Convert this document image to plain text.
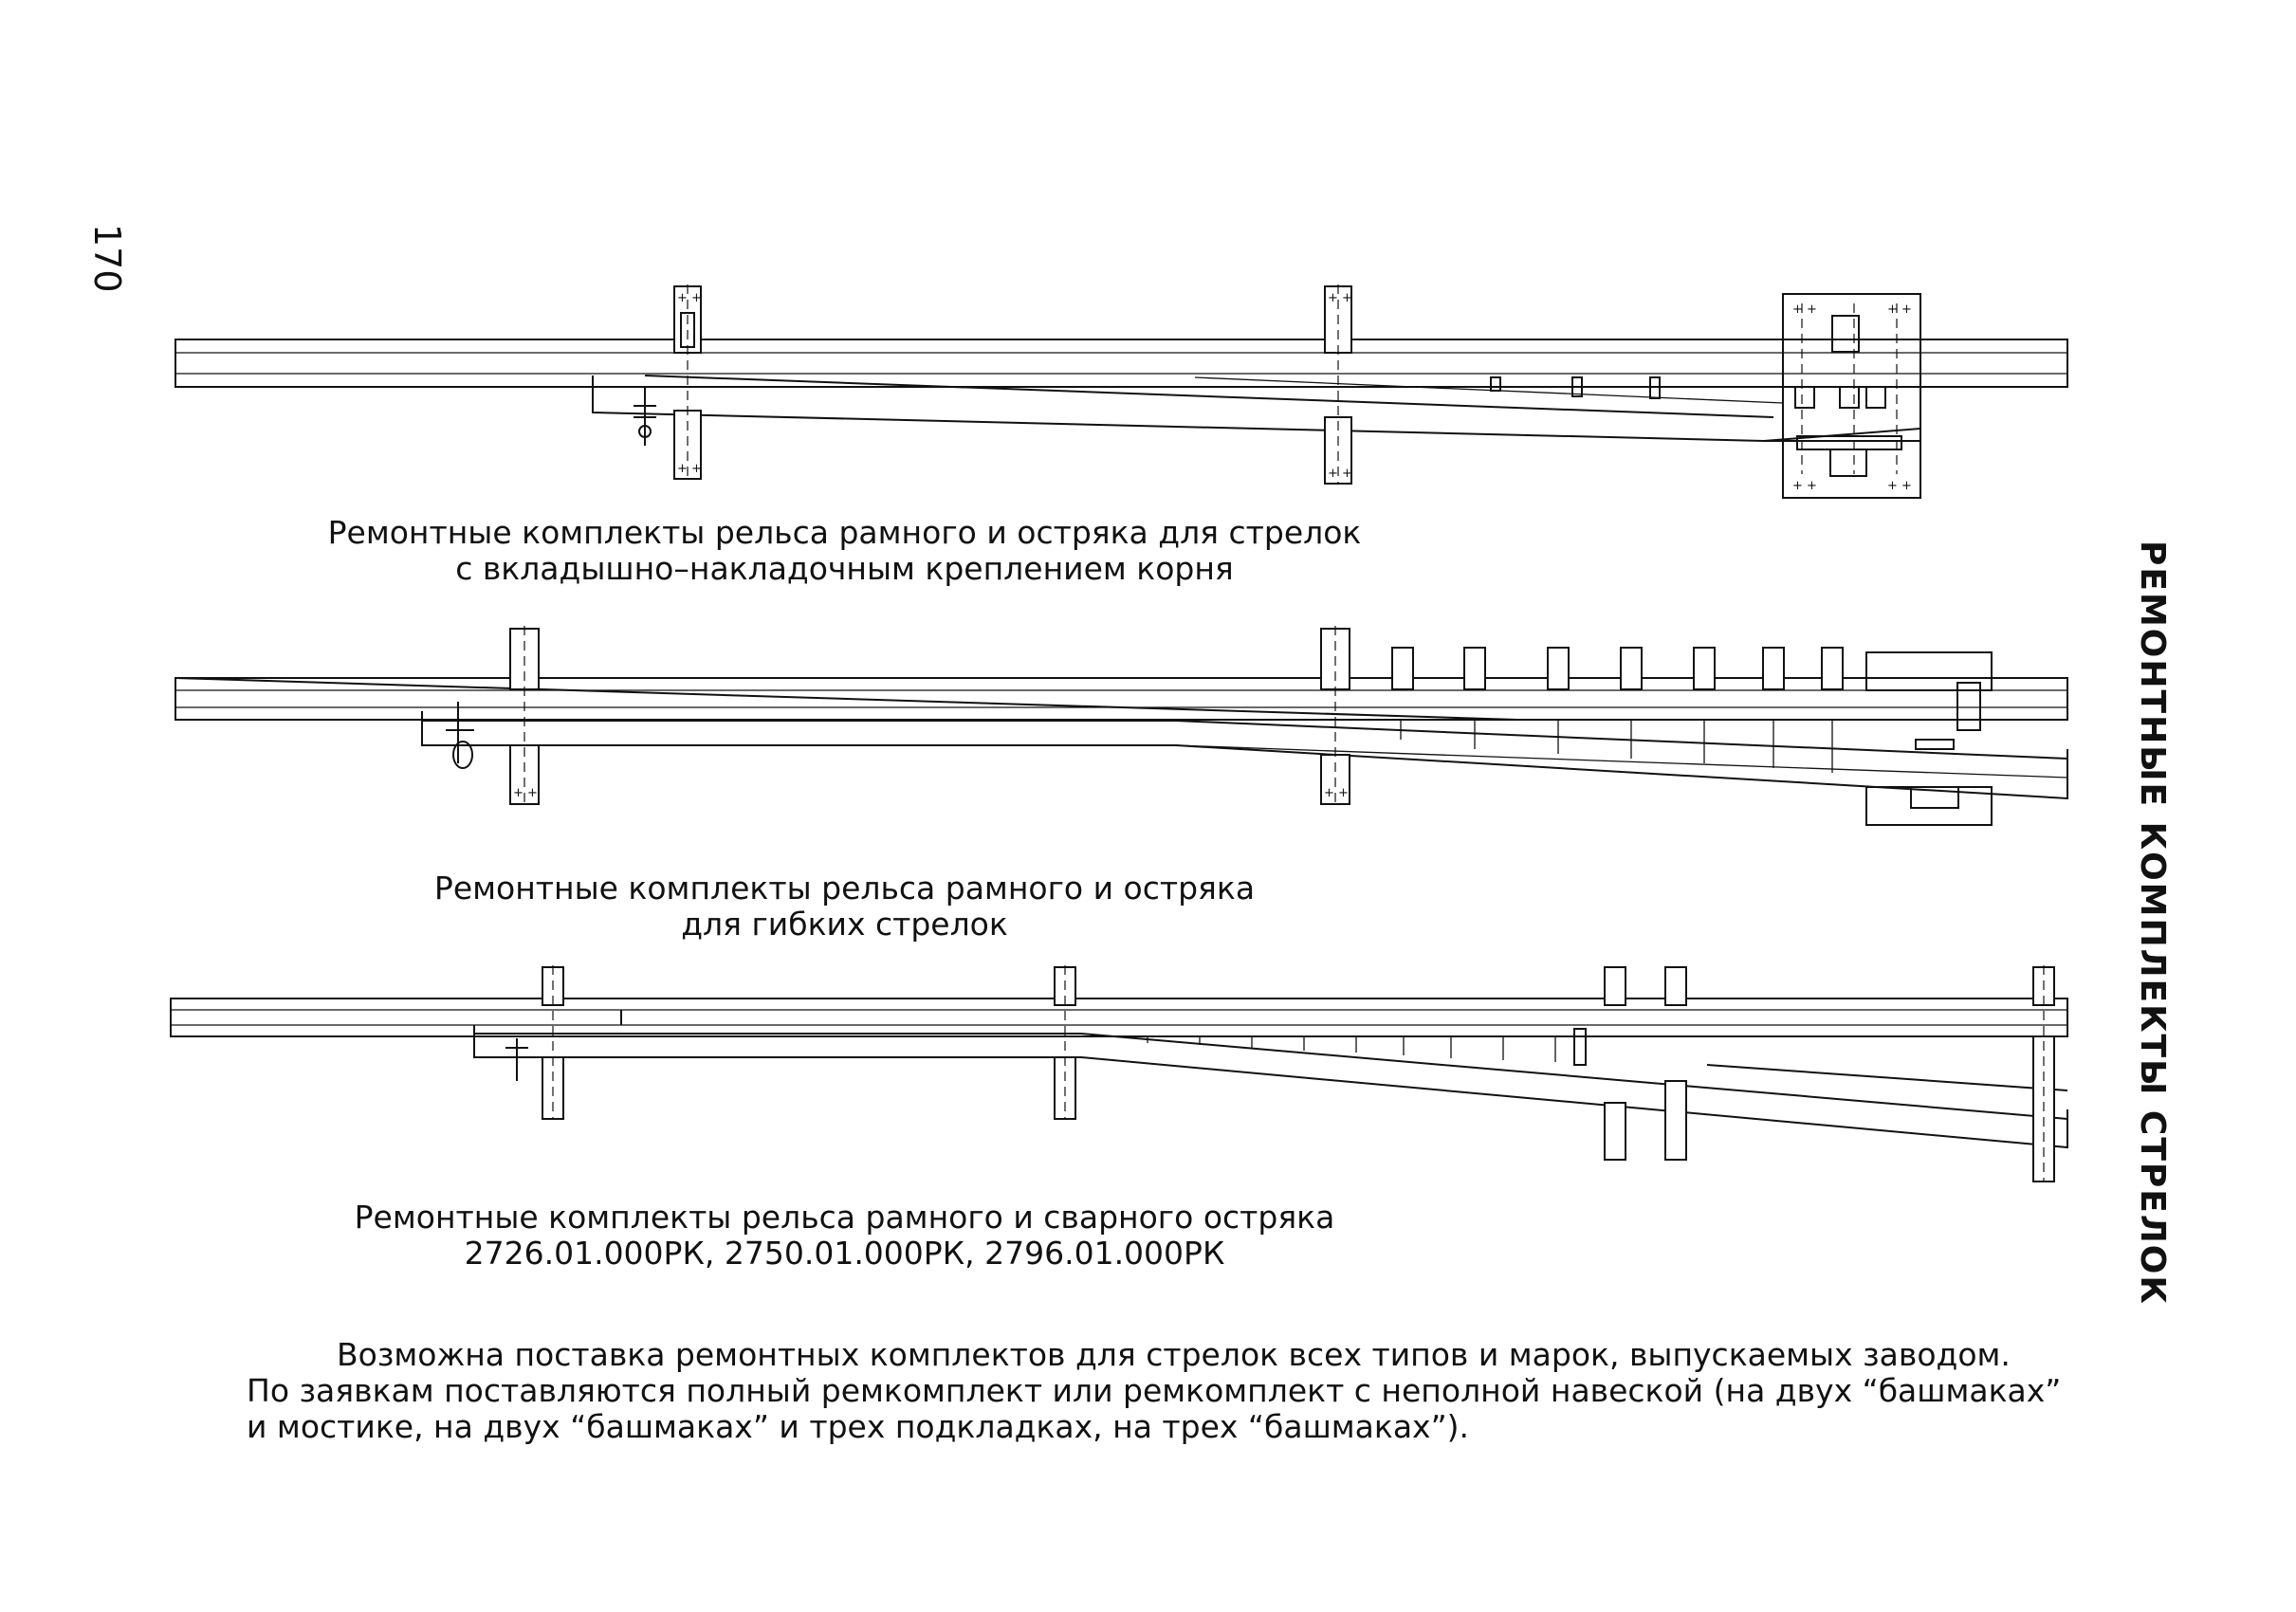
170
РЕМОНТНЫЕ КОМПЛЕКТЫ СТРЕЛОК
+ +
+ +
+ +
+ +
+ +	+ +
+ +	+ +
+ +	+ +
Ремонтные комплекты рельса рамного и остряка для стрелок
с вкладышно–накладочным креплением корня
Ремонтные комплекты рельса рамного и остряка
для гибких стрелок
Ремонтные комплекты рельса рамного и сварного остряка
2726.01.000РК, 2750.01.000РК, 2796.01.000РК
Возможна поставка ремонтных комплектов для стрелок всех типов и марок, выпускаемых заводом.
По заявкам поставляются полный ремкомплект или ремкомплект с неполной навеской (на двух “башмаках”
и мостике, на двух “башмаках” и трех подкладках, на трех “башмаках”).
